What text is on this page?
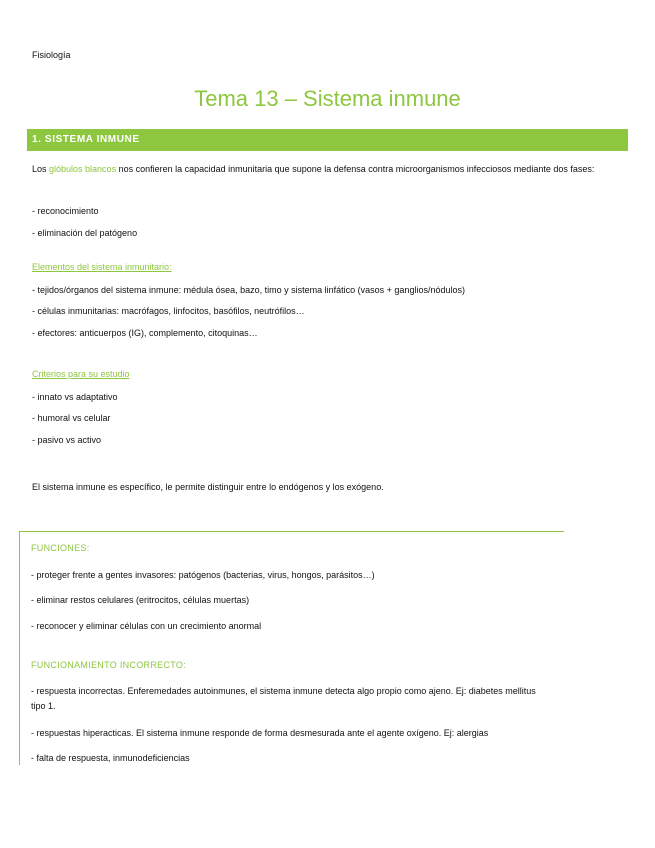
Fisiología
Tema 13 – Sistema inmune
1. SISTEMA INMUNE
Los glóbulos blancos nos confieren la capacidad inmunitaria que supone la defensa contra microorganismos infecciosos mediante dos fases:
- reconocimiento
- eliminación del patógeno
Elementos del sistema inmunitario:
- tejidos/órganos del sistema inmune: médula ósea, bazo, timo y sistema linfático (vasos + ganglios/nódulos)
- células inmunitarias: macrófagos, linfocitos, basófilos, neutrófilos…
- efectores: anticuerpos (IG), complemento, citoquinas…
Criterios para su estudio
- innato vs adaptativo
- humoral vs celular
- pasivo vs activo
El sistema inmune es específico, le permite distinguir entre lo endógenos y los exógeno.
FUNCIONES:
- proteger frente a gentes invasores: patógenos (bacterias, virus, hongos, parásitos…)
- eliminar restos celulares (eritrocitos, células muertas)
- reconocer y eliminar células con un crecimiento anormal
FUNCIONAMIENTO INCORRECTO:
- respuesta incorrectas. Enferemedades autoinmunes, el sistema inmune detecta algo propio como ajeno. Ej: diabetes mellitus tipo 1.
- respuestas hiperacticas. El sistema inmune responde de forma desmesurada ante el agente oxígeno. Ej: alergias
- falta de respuesta, inmunodeficiencias
